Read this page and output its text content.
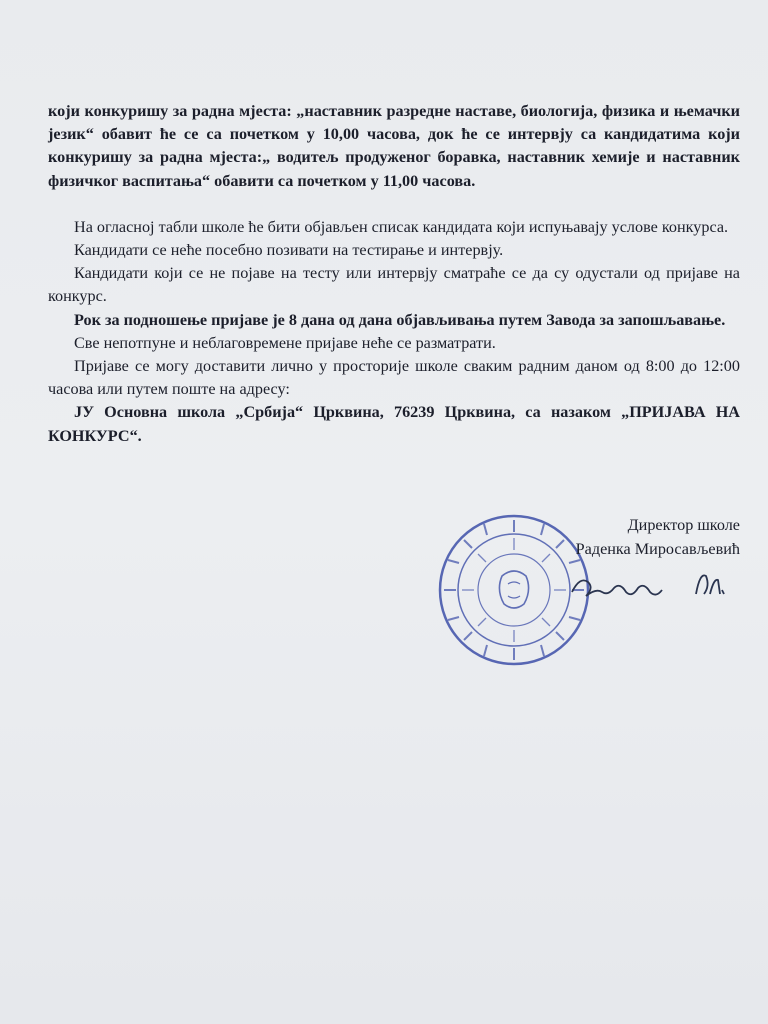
који конкуришу за радна мјеста: „наставник разредне наставе, биологија, физика и њемачки језик“ обавит ће се са почетком у 10,00 часова, док ће се интервју са кандидатима који конкуришу за радна мјеста:„ водитељ продуженог боравка, наставник хемије и наставник физичког васпитања“ обавити са почетком у 11,00 часова.

На огласној табли школе ће бити објављен списак кандидата који испуњавају услове конкурса.

Кандидати се неће посебно позивати на тестирање и интервју.

Кандидати који се не појаве на тесту или интервју сматраће се да су одустали од пријаве на конкурс.

Рок за подношење пријаве је 8 дана од дана објављивања путем Завода за запошљавање.

Све непотпуне и неблаговремене пријаве неће се разматрати.

Пријаве се могу доставити лично у просторије школе сваким радним даном од 8:00 до 12:00 часова или путем поште на адресу:

ЈУ Основна школа „Србија“ Црквина, 76239 Црквина, са назаком „ПРИЈАВА НА КОНКУРС“.

Директор школе
Раденка Миросављевић
